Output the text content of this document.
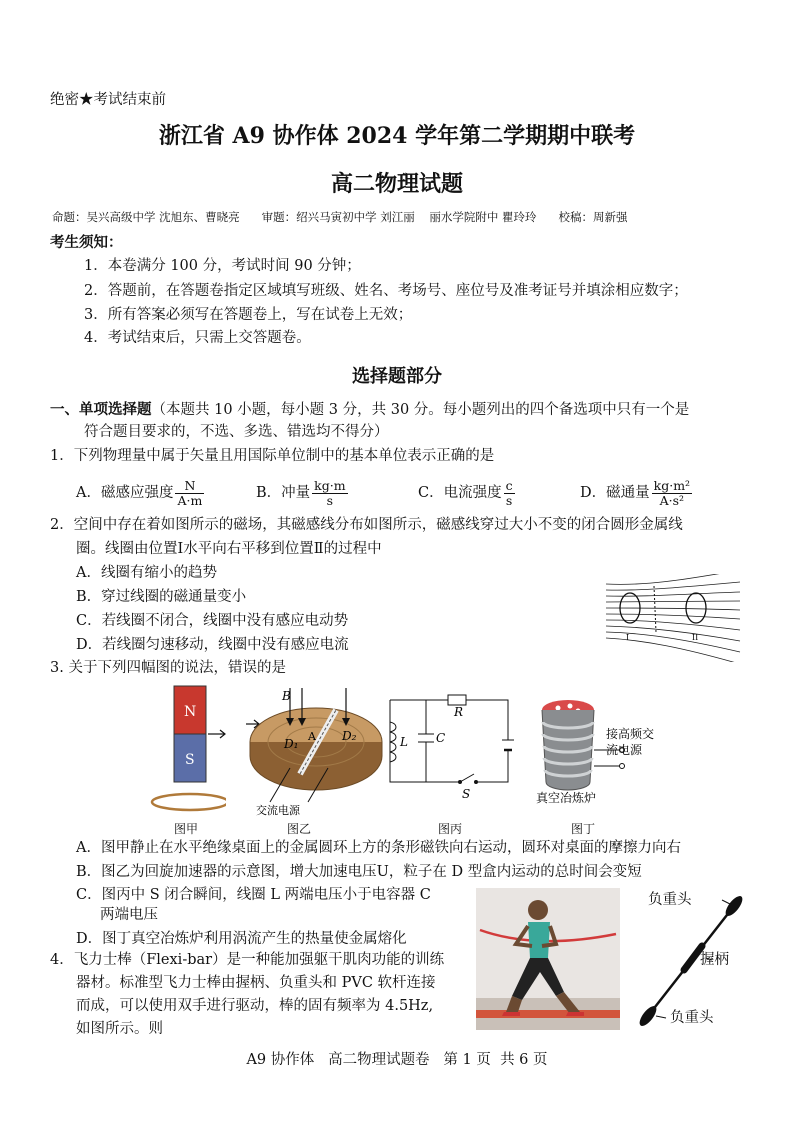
绝密★考试结束前
浙江省 A9 协作体 2024 学年第二学期期中联考
高二物理试题
命题：吴兴高级中学 沈旭东、曹晓亮      审题：绍兴马寅初中学 刘江丽    丽水学院附中 瞿玲玲      校稿：周新强
考生须知：
1．本卷满分 100 分，考试时间 90 分钟；
2．答题前，在答题卷指定区域填写班级、姓名、考场号、座位号及准考证号并填涂相应数字；
3．所有答案必须写在答题卷上，写在试卷上无效；
4．考试结束后，只需上交答题卷。
选择题部分
一、单项选择题（本题共 10 小题，每小题 3 分，共 30 分。每小题列出的四个备选项中只有一个是
符合题目要求的，不选、多选、错选均不得分）
1．下列物理量中属于矢量且用国际单位制中的基本单位表示正确的是
A．磁感应强度 $\frac{N}{A\cdot m}$	B．冲量 $\frac{kg\cdot m}{s}$	C．电流强度 $\frac{c}{s}$	D．磁通量 $\frac{\text{kg·m²}}{\text{A·s²}}$
2．空间中存在着如图所示的磁场，其磁感线分布如图所示，磁感线穿过大小不变的闭合圆形金属线
圈。线圈由位置Ⅰ水平向右平移到位置Ⅱ的过程中
A．线圈有缩小的趋势
B．穿过线圈的磁通量变小
C．若线圈不闭合，线圈中没有感应电动势
D．若线圈匀速移动，线圈中没有感应电流	I	II
3. 关于下列四幅图的说法，错误的是
N
S
B
A
D₁
D₂
交流电源
L C
R
S
接高频交
流电源
真空冶炼炉
图甲	图乙	图丙	图丁
A．图甲静止在水平绝缘桌面上的金属圆环上方的条形磁铁向右运动，圆环对桌面的摩擦力向右
B．图乙为回旋加速器的示意图，增大加速电压U，粒子在 D 型盒内运动的总时间会变短
C．图丙中 S 闭合瞬间，线圈 L 两端电压小于电容器 C
两端电压
D．图丁真空冶炼炉利用涡流产生的热量使金属熔化
4．飞力士棒（Flexi-bar）是一种能加强躯干肌肉功能的训练
器材。标准型飞力士棒由握柄、负重头和 PVC 软杆连接
而成，可以使用双手进行驱动，棒的固有频率为 4.5Hz,
如图所示。则
负重头
握柄
负重头
A9 协作体   高二物理试题卷   第 1 页  共 6 页
